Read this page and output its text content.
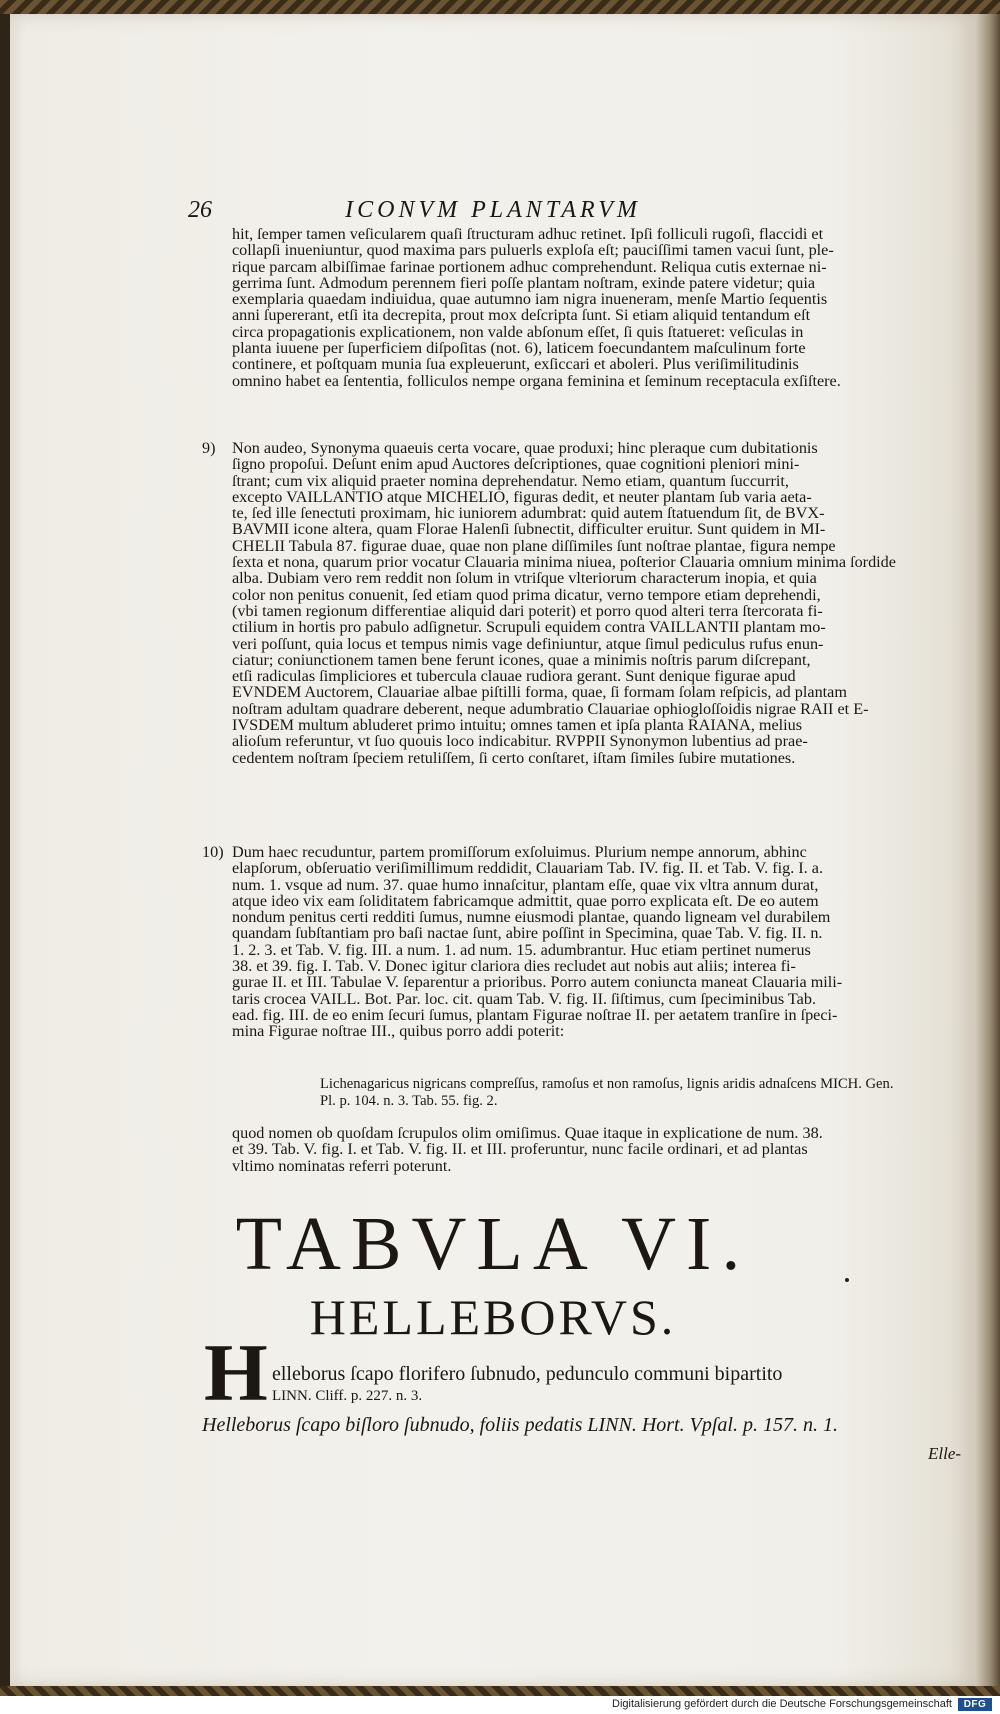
ICONVM PLANTARVM
26
hit, ſemper tamen veſicularem quaſi ſtructuram adhuc retinet. Ipſi folliculi rugoſi, flaccidi et
collapſi inueniuntur, quod maxima pars puluerls exploſa eſt; pauciſſimi tamen vacui ſunt, ple-
rique parcam albiſſimae farinae portionem adhuc comprehendunt. Reliqua cutis externae ni-
gerrima ſunt. Admodum perennem fieri poſſe plantam noſtram, exinde patere videtur; quia
exemplaria quaedam indiuidua, quae autumno iam nigra inueneram, menſe Martio ſequentis
anni ſupererant, etſi ita decrepita, prout mox deſcripta ſunt. Si etiam aliquid tentandum eſt
circa propagationis explicationem, non valde abſonum eſſet, ſi quis ſtatueret: veſiculas in
planta iuuene per ſuperficiem diſpoſitas (not. 6), laticem foecundantem maſculinum forte
continere, et poſtquam munia ſua expleuerunt, exſiccari et aboleri. Plus veriſimilitudinis
omnino habet ea ſententia, folliculos nempe organa feminina et ſeminum receptacula exſiſtere.
9) Non audeo, Synonyma quaeuis certa vocare, quae produxi; hinc pleraque cum dubitationis
ſigno propoſui. Deſunt enim apud Auctores deſcriptiones, quae cognitioni pleniori mini-
ſtrant; cum vix aliquid praeter nomina deprehendatur. Nemo etiam, quantum ſuccurrit,
excepto VAILLANTIO atque MICHELIO, figuras dedit, et neuter plantam ſub varia aeta-
te, ſed ille ſenectuti proximam, hic iuniorem adumbrat: quid autem ſtatuendum ſit, de BVX-
BAVMII icone altera, quam Florae Halenſi ſubnectit, difficulter eruitur. Sunt quidem in MI-
CHELII Tabula 87. figurae duae, quae non plane diſſimiles ſunt noſtrae plantae, figura nempe
ſexta et nona, quarum prior vocatur Clauaria minima niuea, poſterior Clauaria omnium minima ſordide
alba. Dubiam vero rem reddit non ſolum in vtriſque vlteriorum characterum inopia, et quia
color non penitus conuenit, ſed etiam quod prima dicatur, verno tempore etiam deprehendi,
(vbi tamen regionum differentiae aliquid dari poterit) et porro quod alteri terra ſtercorata fi-
ctilium in hortis pro pabulo adſignetur. Scrupuli equidem contra VAILLANTII plantam mo-
veri poſſunt, quia locus et tempus nimis vage definiuntur, atque ſimul pediculus rufus enun-
ciatur; coniunctionem tamen bene ferunt icones, quae a minimis noſtris parum diſcrepant,
etſi radiculas ſimpliciores et tubercula clauae rudiora gerant. Sunt denique figurae apud
EVNDEM Auctorem, Clauariae albae piſtilli forma, quae, ſi formam ſolam reſpicis, ad plantam
noſtram adultam quadrare deberent, neque adumbratio Clauariae ophiogloſſoidis nigrae RAII et E-
IVSDEM multum abluderet primo intuitu; omnes tamen et ipſa planta RAIANA, melius
alioſum referuntur, vt ſuo quouis loco indicabitur. RVPPII Synonymon lubentius ad prae-
cedentem noſtram ſpeciem retuliſſem, ſi certo conſtaret, iſtam ſimiles ſubire mutationes.
10) Dum haec recuduntur, partem promiſſorum exſoluimus. Plurium nempe annorum, abhinc
elapſorum, obſeruatio veriſimillimum reddidit, Clauariam Tab. IV. fig. II. et Tab. V. fig. I. a.
num. 1. vsque ad num. 37. quae humo innaſcitur, plantam eſſe, quae vix vltra annum durat,
atque ideo vix eam ſoliditatem fabricamque admittit, quae porro explicata eſt. De eo autem
nondum penitus certi redditi ſumus, numne eiusmodi plantae, quando ligneam vel durabilem
quandam ſubſtantiam pro baſi nactae ſunt, abire poſſint in Specimina, quae Tab. V. fig. II. n.
1. 2. 3. et Tab. V. fig. III. a num. 1. ad num. 15. adumbrantur. Huc etiam pertinet numerus
38. et 39. fig. I. Tab. V. Donec igitur clariora dies recludet aut nobis aut aliis; interea fi-
gurae II. et III. Tabulae V. ſeparentur a prioribus. Porro autem coniuncta maneat Clauaria mili-
taris crocea VAILL. Bot. Par. loc. cit. quam Tab. V. fig. II. ſiſtimus, cum ſpeciminibus Tab.
ead. fig. III. de eo enim ſecuri ſumus, plantam Figurae noſtrae II. per aetatem tranſire in ſpeci-
mina Figurae noſtrae III., quibus porro addi poterit:
Lichenagaricus nigricans compreſſus, ramoſus et non ramoſus, lignis aridis adnaſcens MICH. Gen.
Pl. p. 104. n. 3. Tab. 55. fig. 2.
quod nomen ob quoſdam ſcrupulos olim omiſimus. Quae itaque in explicatione de num. 38.
et 39. Tab. V. fig. I. et Tab. V. fig. II. et III. proferuntur, nunc facile ordinari, et ad plantas
vltimo nominatas referri poterunt.
TABVLA VI.
HELLEBORVS.
H elleborus ſcapo florifero ſubnudo, pedunculo communi bipartito
LINN. Cliff. p. 227. n. 3.
Helleborus ſcapo biſloro ſubnudo, foliis pedatis LINN. Hort. Vpſal. p. 157. n. 1.
Elle-
Digitalisierung gefördert durch die Deutsche Forschungsgemeinschaft	DFG
